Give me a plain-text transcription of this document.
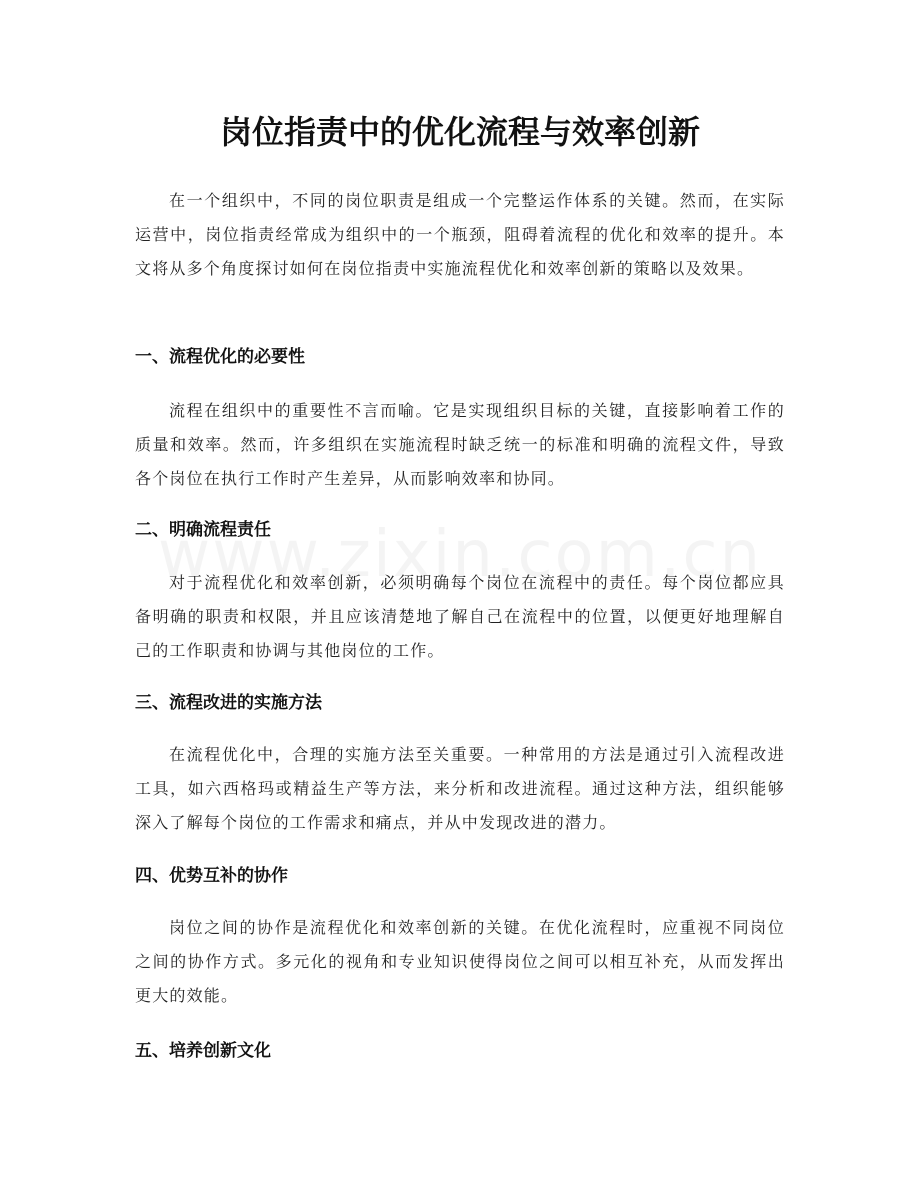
岗位指责中的优化流程与效率创新

在一个组织中，不同的岗位职责是组成一个完整运作体系的关键。然而，在实际运营中，岗位指责经常成为组织中的一个瓶颈，阻碍着流程的优化和效率的提升。本文将从多个角度探讨如何在岗位指责中实施流程优化和效率创新的策略以及效果。

一、流程优化的必要性

流程在组织中的重要性不言而喻。它是实现组织目标的关键，直接影响着工作的质量和效率。然而，许多组织在实施流程时缺乏统一的标准和明确的流程文件，导致各个岗位在执行工作时产生差异，从而影响效率和协同。

二、明确流程责任

对于流程优化和效率创新，必须明确每个岗位在流程中的责任。每个岗位都应具备明确的职责和权限，并且应该清楚地了解自己在流程中的位置，以便更好地理解自己的工作职责和协调与其他岗位的工作。

三、流程改进的实施方法

在流程优化中，合理的实施方法至关重要。一种常用的方法是通过引入流程改进工具，如六西格玛或精益生产等方法，来分析和改进流程。通过这种方法，组织能够深入了解每个岗位的工作需求和痛点，并从中发现改进的潜力。

四、优势互补的协作

岗位之间的协作是流程优化和效率创新的关键。在优化流程时，应重视不同岗位之间的协作方式。多元化的视角和专业知识使得岗位之间可以相互补充，从而发挥出更大的效能。

五、培养创新文化
